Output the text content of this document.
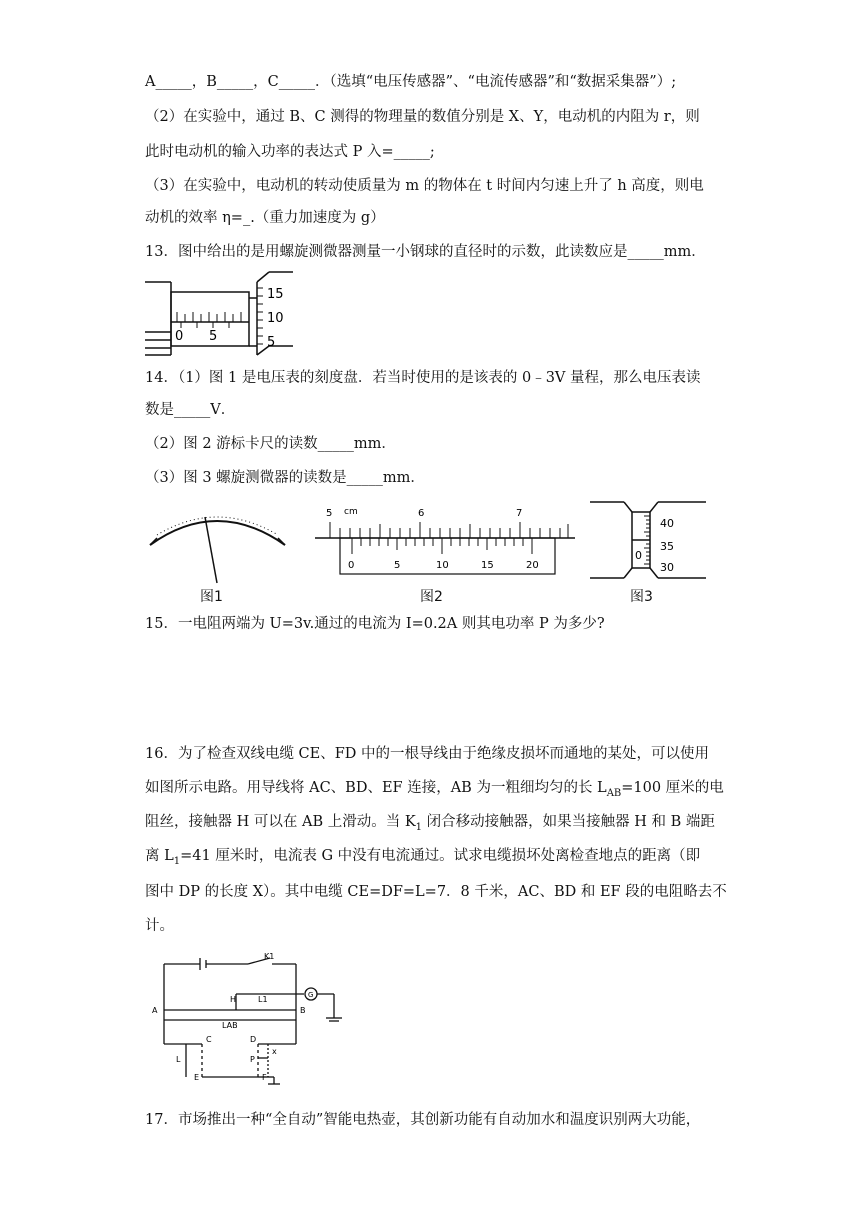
A_____，B_____，C_____．（选填“电压传感器”、“电流传感器”和“数据采集器”）;
（2）在实验中，通过 B、C 测得的物理量的数值分别是 X、Y，电动机的内阻为 r，则
此时电动机的输入功率的表达式 P 入=_____;
（3）在实验中，电动机的转动使质量为 m 的物体在 t 时间内匀速上升了 h 高度，则电
动机的效率 η=_.（重力加速度为 g）
13．图中给出的是用螺旋测微器测量一小钢球的直径时的示数，此读数应是_____mm．
15
10
5
0 5
14．（1）图 1 是电压表的刻度盘．若当时使用的是该表的 0﹣3V 量程，那么电压表读
数是_____V．
（2）图 2 游标卡尺的读数_____mm．
（3）图 3 螺旋测微器的读数是_____mm．
图1
5 cm	6	7
0	5	10	15	20
图2
40
35
30
0
图3
15．一电阻两端为 U=3v.通过的电流为 I=0.2A 则其电功率 P 为多少?
16．为了检查双线电缆 CE、FD 中的一根导线由于绝缘皮损坏而通地的某处，可以使用
如图所示电路。用导线将 AC、BD、EF 连接，AB 为一粗细均匀的长 $L_{AB}=100$ 厘米的电
阻丝，接触器 H 可以在 AB 上滑动。当 $K_1$ 闭合移动接触器，如果当接触器 H 和 B 端距
离 $L_1=41$ 厘米时，电流表 G 中没有电流通过。试求电缆损坏处离检查地点的距离（即
图中 DP 的长度 X）。其中电缆 CE=DF=L=7．8 千米，AC、BD 和 EF 段的电阻略去不
计。
K1
G
H	L1
A	B
LAB
C	D
L	P
x
E	F
17．市场推出一种“全自动”智能电热壶，其创新功能有自动加水和温度识别两大功能，
